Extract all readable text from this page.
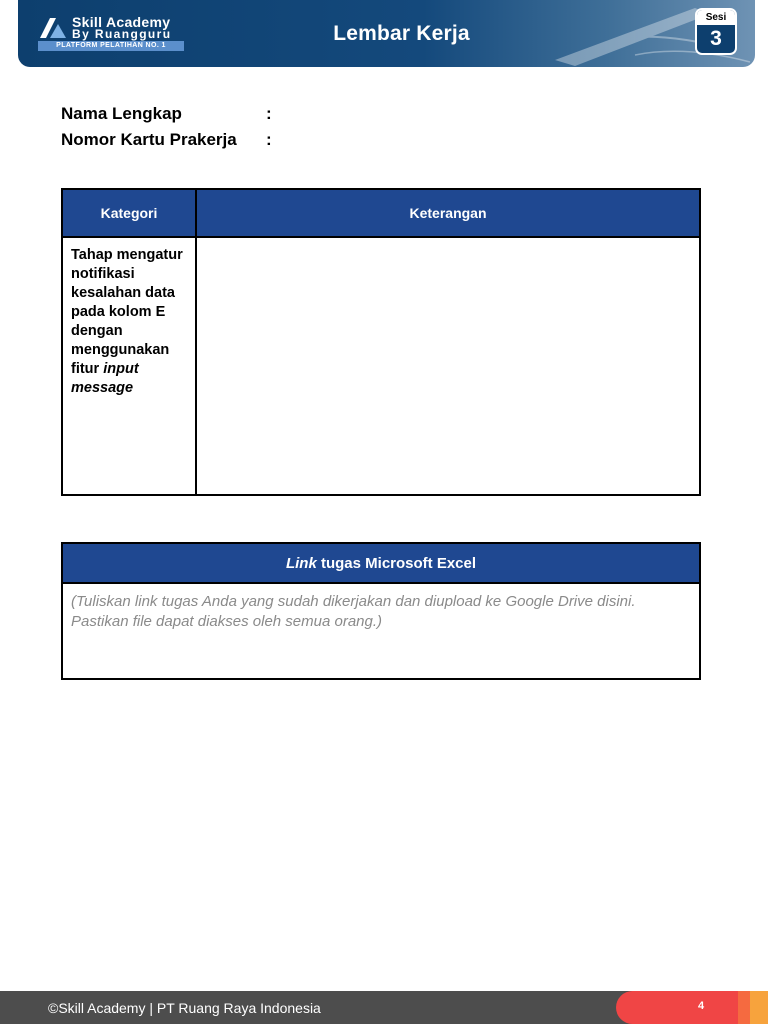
Skill Academy
By Ruangguru
PLATFORM PELATIHAN NO. 1
Lembar Kerja
Sesi
3
Nama Lengkap	:
Nomor Kartu Prakerja :
Kategori	Keterangan
Tahap mengatur notifikasi kesalahan data pada kolom E dengan menggunakan fitur input message	
Link tugas Microsoft Excel
(Tuliskan link tugas Anda yang sudah dikerjakan dan diupload ke Google Drive disini. Pastikan file dapat diakses oleh semua orang.)
©Skill Academy | PT Ruang Raya Indonesia	4
